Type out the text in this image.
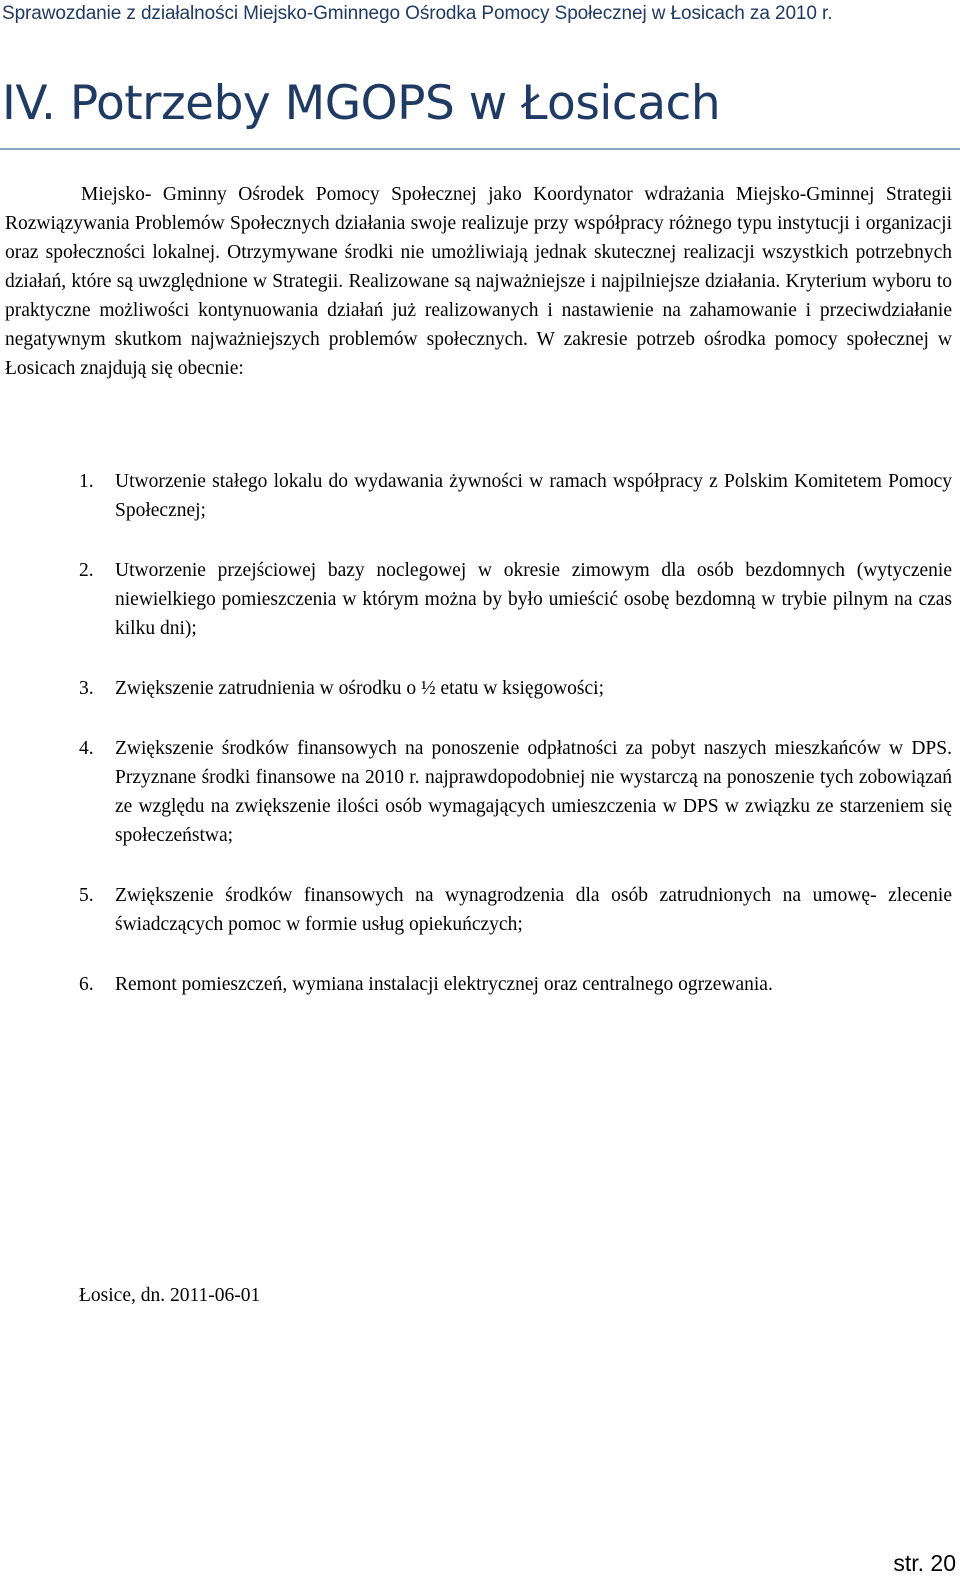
Sprawozdanie z działalności Miejsko-Gminnego Ośrodka Pomocy Społecznej w Łosicach za 2010 r.
IV. Potrzeby MGOPS w Łosicach

Miejsko- Gminny Ośrodek Pomocy Społecznej jako Koordynator wdrażania Miejsko-Gminnej Strategii Rozwiązywania Problemów Społecznych działania swoje realizuje przy współpracy różnego typu instytucji i organizacji oraz społeczności lokalnej. Otrzymywane środki nie umożliwiają jednak skutecznej realizacji wszystkich potrzebnych działań, które są uwzględnione w Strategii. Realizowane są najważniejsze i najpilniejsze działania. Kryterium wyboru to praktyczne możliwości kontynuowania działań już realizowanych i nastawienie na zahamowanie i przeciwdziałanie negatywnym skutkom najważniejszych problemów społecznych. W zakresie potrzeb ośrodka pomocy społecznej w Łosicach znajdują się obecnie:

1.	Utworzenie stałego lokalu do wydawania żywności w ramach współpracy z Polskim Komitetem Pomocy Społecznej;
2.	Utworzenie przejściowej bazy noclegowej w okresie zimowym dla osób bezdomnych (wytyczenie niewielkiego pomieszczenia w którym można by było umieścić osobę bezdomną w trybie pilnym na czas kilku dni);
3.	Zwiększenie zatrudnienia w ośrodku o ½ etatu w księgowości;
4.	Zwiększenie środków finansowych na ponoszenie odpłatności za pobyt naszych mieszkańców w DPS. Przyznane środki finansowe na 2010 r. najprawdopodobniej nie wystarczą na ponoszenie tych zobowiązań ze względu na zwiększenie ilości osób wymagających umieszczenia w DPS w związku ze starzeniem się społeczeństwa;
5.	Zwiększenie środków finansowych na wynagrodzenia dla osób zatrudnionych na umowę- zlecenie świadczących pomoc w formie usług opiekuńczych;
6.	Remont pomieszczeń, wymiana instalacji elektrycznej oraz centralnego ogrzewania.
Łosice, dn. 2011-06-01
str. 20
